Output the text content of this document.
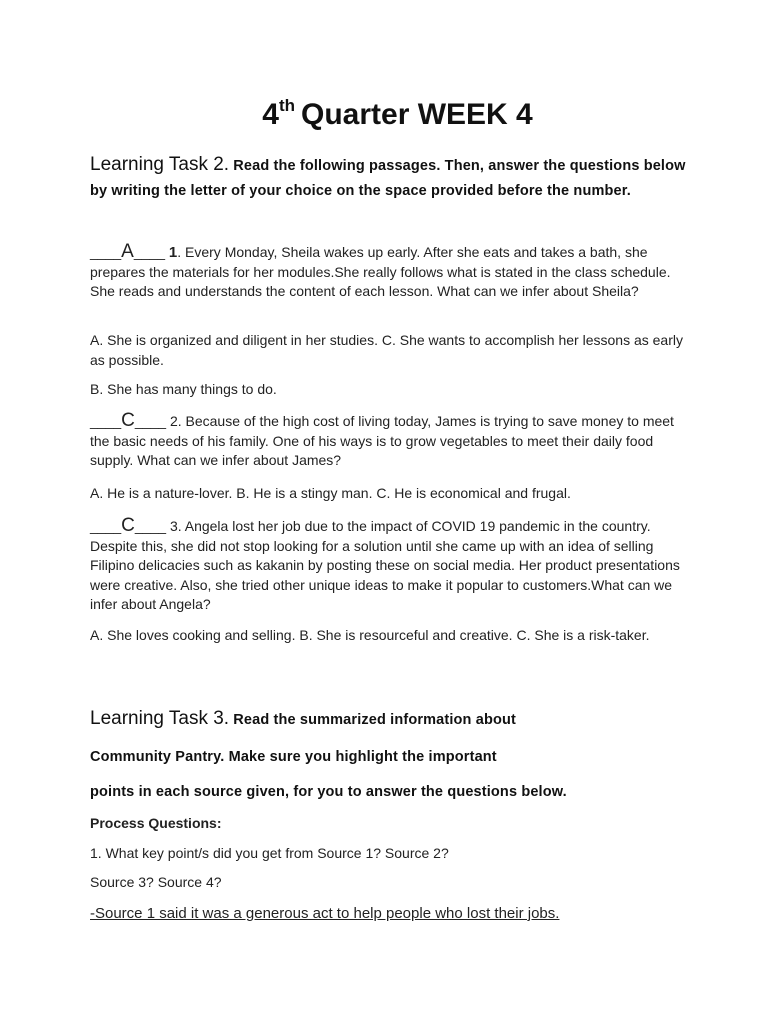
4th Quarter WEEK 4
Learning Task 2. Read the following passages. Then, answer the questions below by writing the letter of your choice on the space provided before the number.
____A____ 1. Every Monday, Sheila wakes up early. After she eats and takes a bath, she prepares the materials for her modules.She really follows what is stated in the class schedule. She reads and understands the content of each lesson. What can we infer about Sheila?
A. She is organized and diligent in her studies. C. She wants to accomplish her lessons as early as possible.
B. She has many things to do.
____C____ 2. Because of the high cost of living today, James is trying to save money to meet the basic needs of his family. One of his ways is to grow vegetables to meet their daily food supply. What can we infer about James?
A. He is a nature-lover. B. He is a stingy man. C. He is economical and frugal.
____C____ 3. Angela lost her job due to the impact of COVID 19 pandemic in the country. Despite this, she did not stop looking for a solution until she came up with an idea of selling Filipino delicacies such as kakanin by posting these on social media. Her product presentations were creative. Also, she tried other unique ideas to make it popular to customers.What can we infer about Angela?
A. She loves cooking and selling. B. She is resourceful and creative. C. She is a risk-taker.
Learning Task 3. Read the summarized information about
Community Pantry. Make sure you highlight the important
points in each source given, for you to answer the questions below.
Process Questions:
1. What key point/s did you get from Source 1? Source 2?
Source 3? Source 4?
-Source 1 said it was a generous act to help people who lost their jobs.
